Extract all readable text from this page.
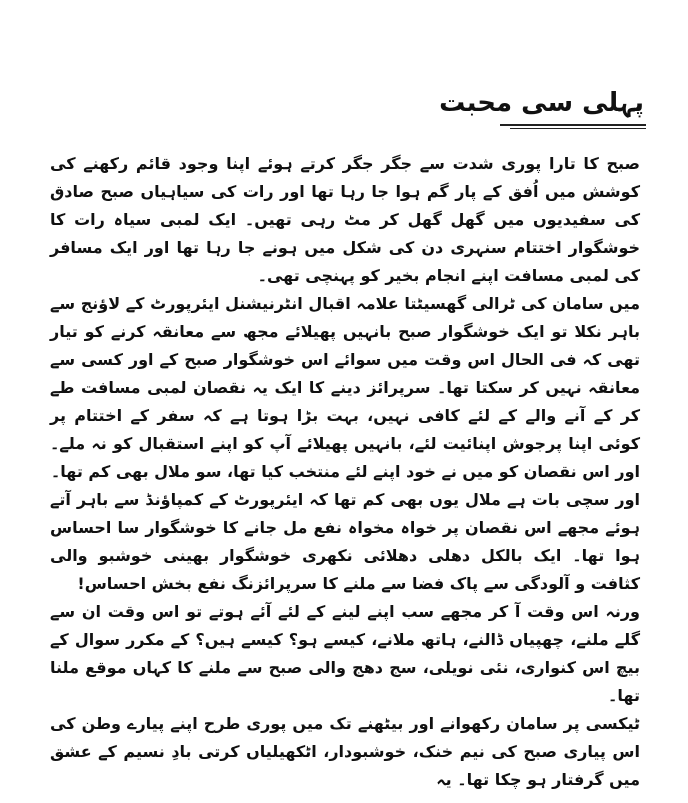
پہلی سی محبت

صبح کا تارا پوری شدت سے جگر جگر کرتے ہوئے اپنا وجود قائم رکھنے کی کوشش میں اُفق کے پار گم ہوا جا رہا تھا اور رات کی سیاہیاں صبح صادق کی سفیدیوں میں گھل گھل کر مٹ رہی تھیں۔ ایک لمبی سیاہ رات کا خوشگوار اختتام سنہری دن کی شکل میں ہونے جا رہا تھا اور ایک مسافر کی لمبی مسافت اپنے انجام بخیر کو پہنچی تھی۔

میں سامان کی ٹرالی گھسیٹتا علامہ اقبال انٹرنیشنل ایئرپورٹ کے لاؤنج سے باہر نکلا تو ایک خوشگوار صبح بانہیں پھیلائے مجھ سے معانقہ کرنے کو تیار تھی کہ فی الحال اس وقت میں سوائے اس خوشگوار صبح کے اور کسی سے معانقہ نہیں کر سکتا تھا۔ سرپرائز دینے کا ایک یہ نقصان لمبی مسافت طے کر کے آنے والے کے لئے کافی نہیں، بہت بڑا ہوتا ہے کہ سفر کے اختتام پر کوئی اپنا پرجوش اپنائیت لئے، بانہیں پھیلائے آپ کو اپنے استقبال کو نہ ملے۔ اور اس نقصان کو میں نے خود اپنے لئے منتخب کیا تھا، سو ملال بھی کم تھا۔

اور سچی بات ہے ملال یوں بھی کم تھا کہ ایئرپورٹ کے کمپاؤنڈ سے باہر آتے ہوئے مجھے اس نقصان پر خواہ مخواہ نفع مل جانے کا خوشگوار سا احساس ہوا تھا۔ ایک بالکل دھلی دھلائی نکھری خوشگوار بھینی خوشبو والی کثافت و آلودگی سے پاک فضا سے ملنے کا سرپرائزنگ نفع بخش احساس!

ورنہ اس وقت آ کر مجھے سب اپنے لینے کے لئے آئے ہوتے تو اس وقت ان سے گلے ملنے، چھپیاں ڈالنے، ہاتھ ملانے، کیسے ہو؟ کیسے ہیں؟ کے مکرر سوال کے بیچ اس کنواری، نئی نویلی، سج دھج والی صبح سے ملنے کا کہاں موقع ملنا تھا۔

ٹیکسی پر سامان رکھوانے اور بیٹھنے تک میں پوری طرح اپنے پیارے وطن کی اس پیاری صبح کی نیم خنک، خوشبودار، اٹکھیلیاں کرتی بادِ نسیم کے عشق میں گرفتار ہو چکا تھا۔ یہ
